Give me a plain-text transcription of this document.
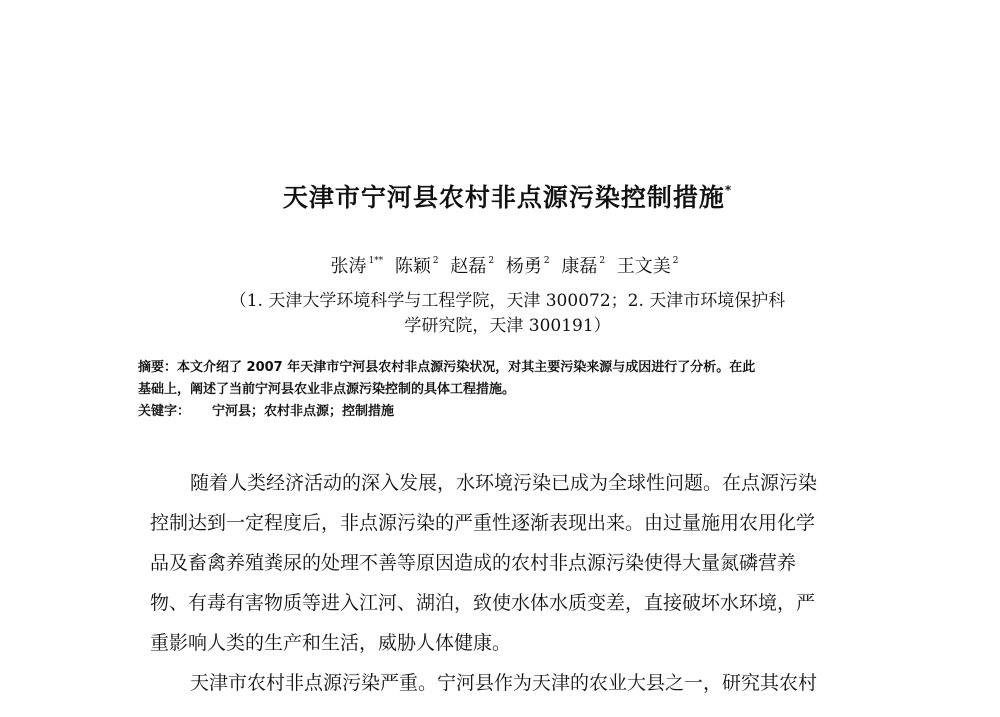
天津市宁河县农村非点源污染控制措施*
张涛 $^{1**}$ 陈颖 $^2$ 赵磊 $^2$ 杨勇 $^2$ 康磊 $^2$ 王文美 $^2$
（1. 天津大学环境科学与工程学院，天津 300072；2. 天津市环境保护科
学研究院，天津 300191）
摘要：本文介绍了 2007 年天津市宁河县农村非点源污染状况，对其主要污染来源与成因进行了分析。在此
基础上，阐述了当前宁河县农业非点源污染控制的具体工程措施。
关键字： 宁河县；农村非点源；控制措施
随着人类经济活动的深入发展，水环境污染已成为全球性问题。在点源污染
控制达到一定程度后，非点源污染的严重性逐渐表现出来。由过量施用农用化学
品及畜禽养殖粪尿的处理不善等原因造成的农村非点源污染使得大量氮磷营养
物、有毒有害物质等进入江河、湖泊，致使水体水质变差，直接破坏水环境，严
重影响人类的生产和生活，威胁人体健康。
天津市农村非点源污染严重。宁河县作为天津的农业大县之一，研究其农村
